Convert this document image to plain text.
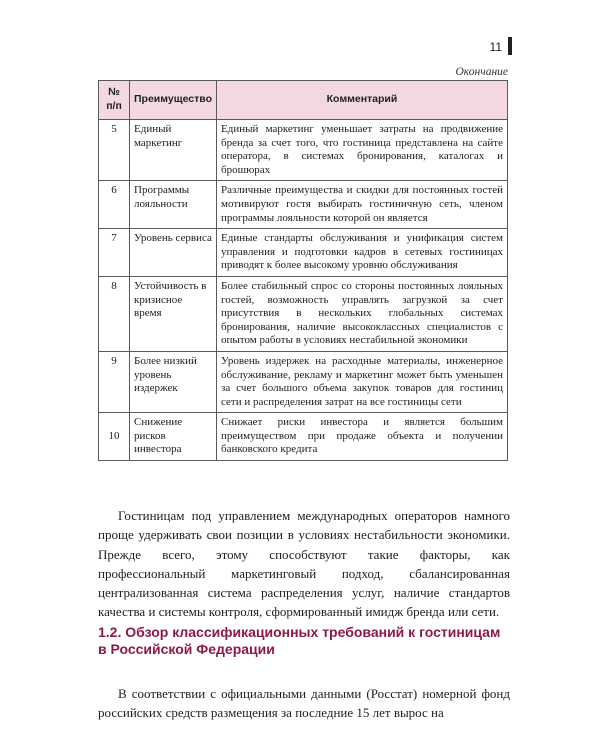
11
Окончание
№ п/п	Преимущество	Комментарий
5	Единый маркетинг	Единый маркетинг уменьшает затраты на продвижение бренда за счет того, что гостиница представлена на сайте оператора, в системах бронирования, каталогах и брошюрах
6	Программы лояльности	Различные преимущества и скидки для постоянных гостей мотивируют гостя выбирать гостиничную сеть, членом программы лояльности которой он является
7	Уровень сервиса	Единые стандарты обслуживания и унификация систем управления и подготовки кадров в сетевых гостиницах приводят к более высокому уровню обслуживания
8	Устойчивость в кризисное время	Более стабильный спрос со стороны постоянных лояльных гостей, возможность управлять загрузкой за счет присутствия в нескольких глобальных системах бронирования, наличие высококлассных специалистов с опытом работы в условиях нестабильной экономики
9	Более низкий уровень издержек	Уровень издержек на расходные материалы, инженерное обслуживание, рекламу и маркетинг может быть уменьшен за счет большого объема закупок товаров для гостиниц сети и распределения затрат на все гостиницы сети
10	Снижение рисков инвестора	Снижает риски инвестора и является большим преимуществом при продаже объекта и получении банковского кредита

Гостиницам под управлением международных операторов намного проще удерживать свои позиции в условиях нестабильности экономики. Прежде всего, этому способствуют такие факторы, как профессиональный маркетинговый подход, сбалансированная централизованная система распределения услуг, наличие стандартов качества и системы контроля, сформированный имидж бренда или сети.

1.2. Обзор классификационных требований к гостиницам в Российской Федерации

В соответствии с официальными данными (Росстат) номерной фонд российских средств размещения за последние 15 лет вырос на
